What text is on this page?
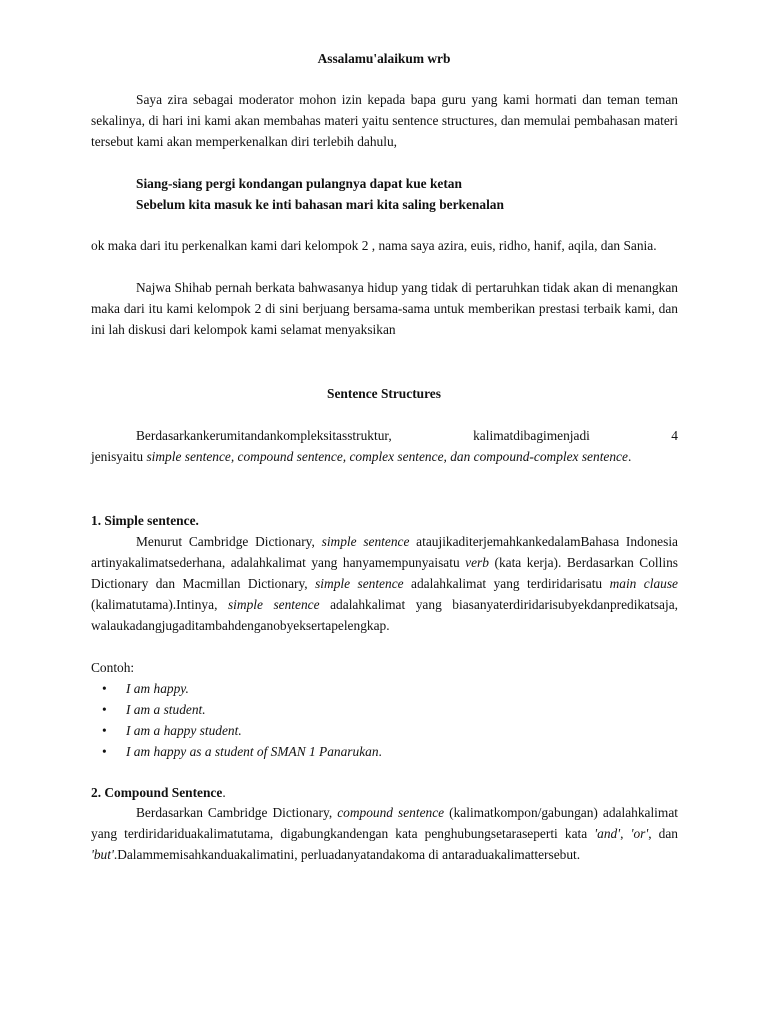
Assalamu'alaikum wrb
Saya zira sebagai moderator mohon izin kepada bapa guru yang kami hormati dan teman teman sekalinya, di hari ini kami akan membahas materi yaitu sentence structures, dan memulai pembahasan materi tersebut kami akan memperkenalkan diri terlebih dahulu,
Siang-siang pergi kondangan pulangnya dapat kue ketan
Sebelum kita masuk ke inti bahasan mari kita saling berkenalan
ok maka dari itu perkenalkan kami dari kelompok 2 , nama saya azira, euis, ridho, hanif, aqila, dan Sania.
Najwa Shihab pernah berkata bahwasanya hidup yang tidak di pertaruhkan tidak akan di menangkan maka dari itu kami kelompok 2 di sini berjuang bersama-sama untuk memberikan prestasi terbaik kami, dan ini lah diskusi dari kelompok kami selamat menyaksikan
Sentence Structures
Berdasarkankerumitandankompleksitasstruktur,	kalimatdibagimenjadi	4
jenisyaitu simple sentence, compound sentence, complex sentence, dan compound-complex sentence.
1. Simple sentence.
Menurut Cambridge Dictionary, simple sentence ataujikaditerjemahkankedalamBahasa Indonesia artinyakalimatsederhana, adalahkalimat yang hanyamempunyaisatu verb (kata kerja). Berdasarkan Collins Dictionary dan Macmillan Dictionary, simple sentence adalahkalimat yang terdiridarisatu main clause (kalimatutama).Intinya, simple sentence adalahkalimat yang biasanyaterdiridarisubyekdanpredikatsaja, walaukadangjugaditambahdenganobyeksertapelengkap.
Contoh:
• I am happy.
• I am a student.
• I am a happy student.
• I am happy as a student of SMAN 1 Panarukan.
2. Compound Sentence.
Berdasarkan Cambridge Dictionary, compound sentence (kalimatkompon/gabungan) adalahkalimat yang terdiridariduakalimatutama, digabungkandengan kata penghubungsetaraseperti kata 'and', 'or', dan 'but'.Dalammemisahkanduakalimatini, perluadanyatandakoma di antaraduakalimattersebut.
